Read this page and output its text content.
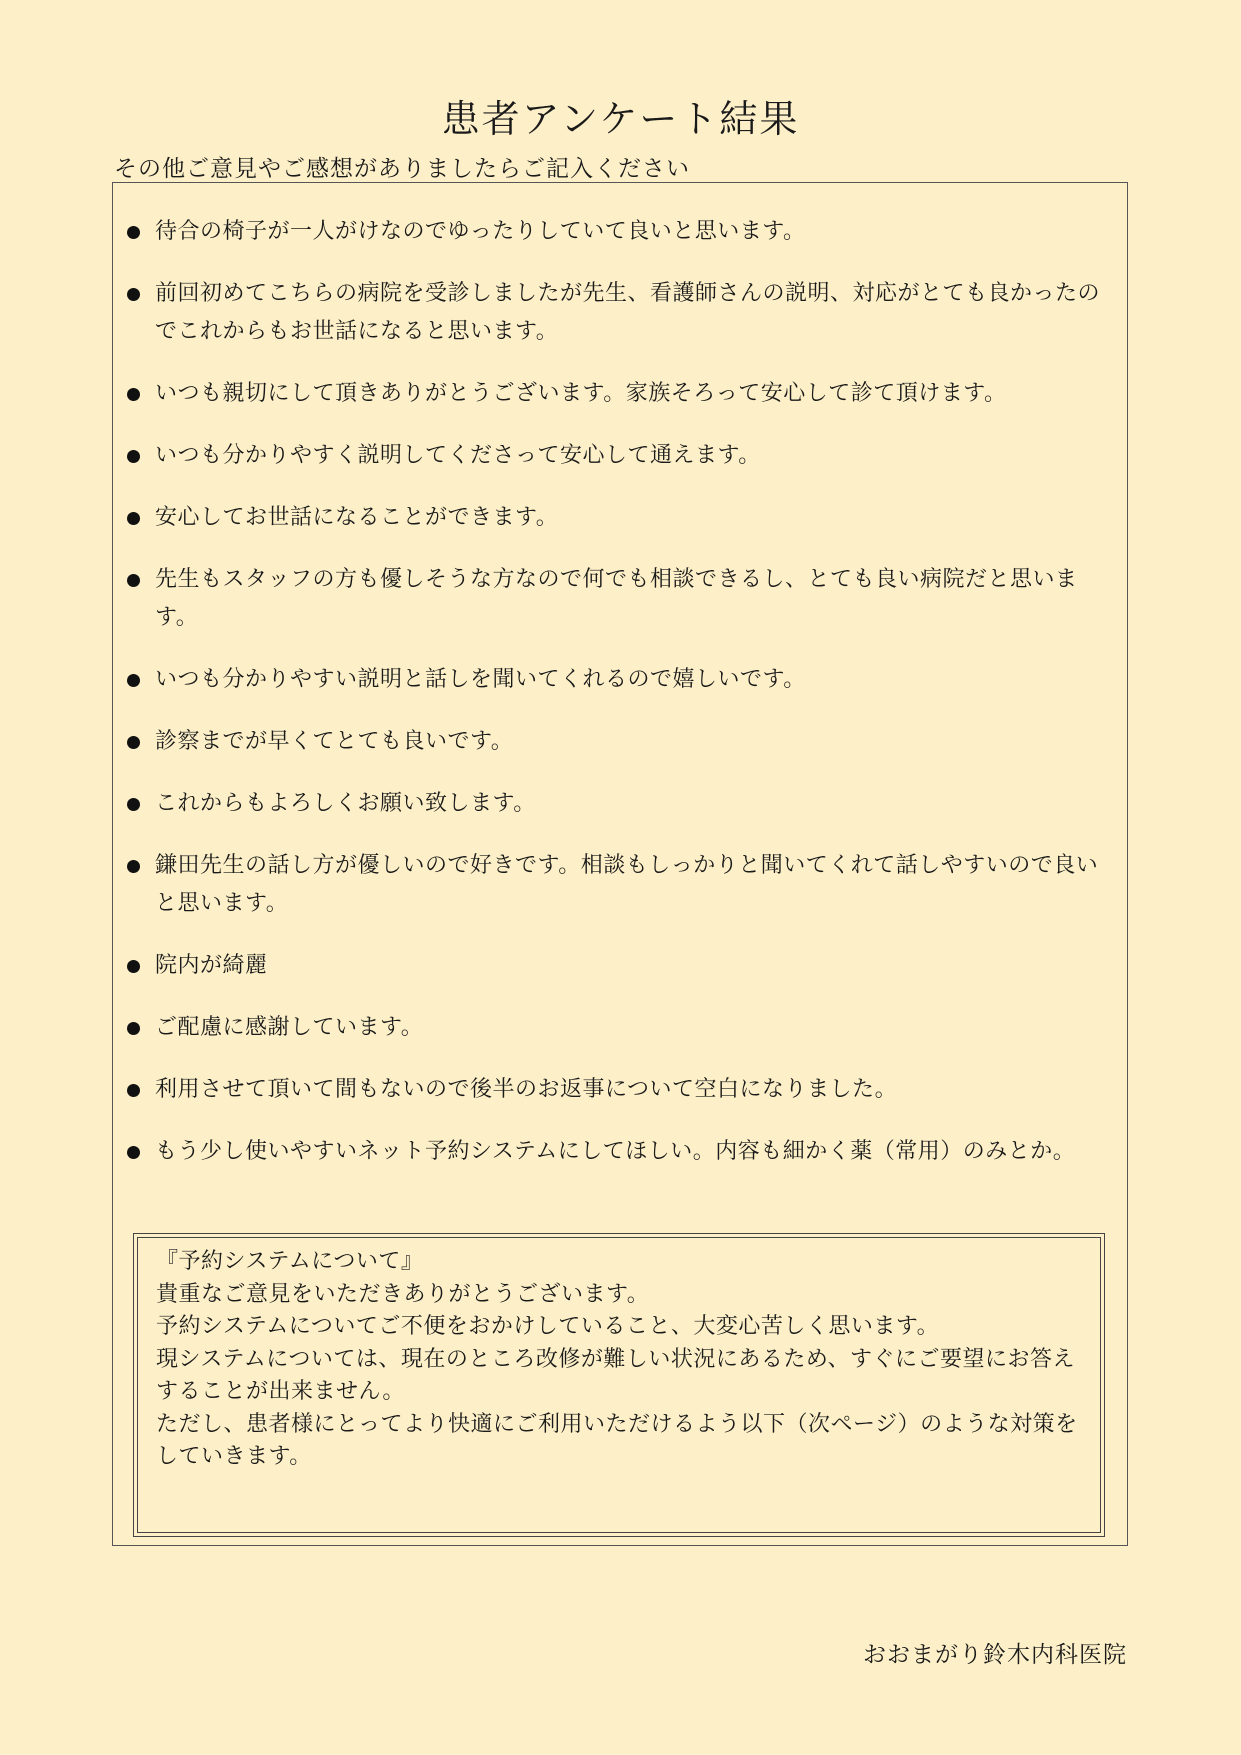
患者アンケート結果

その他ご意見やご感想がありましたらご記入ください

待合の椅子が一人がけなのでゆったりしていて良いと思います。
前回初めてこちらの病院を受診しましたが先生、看護師さんの説明、対応がとても良かったのでこれからもお世話になると思います。
いつも親切にして頂きありがとうございます。家族そろって安心して診て頂けます。
いつも分かりやすく説明してくださって安心して通えます。
安心してお世話になることができます。
先生もスタッフの方も優しそうな方なので何でも相談できるし、とても良い病院だと思います。
いつも分かりやすい説明と話しを聞いてくれるので嬉しいです。
診察までが早くてとても良いです。
これからもよろしくお願い致します。
鎌田先生の話し方が優しいので好きです。相談もしっかりと聞いてくれて話しやすいので良いと思います。
院内が綺麗
ご配慮に感謝しています。
利用させて頂いて間もないので後半のお返事について空白になりました。
もう少し使いやすいネット予約システムにしてほしい。内容も細かく薬（常用）のみとか。
『予約システムについて』
貴重なご意見をいただきありがとうございます。
予約システムについてご不便をおかけしていること、大変心苦しく思います。
現システムについては、現在のところ改修が難しい状況にあるため、すぐにご要望にお答えすることが出来ません。
ただし、患者様にとってより快適にご利用いただけるよう以下（次ページ）のような対策をしていきます。

おおまがり鈴木内科医院
